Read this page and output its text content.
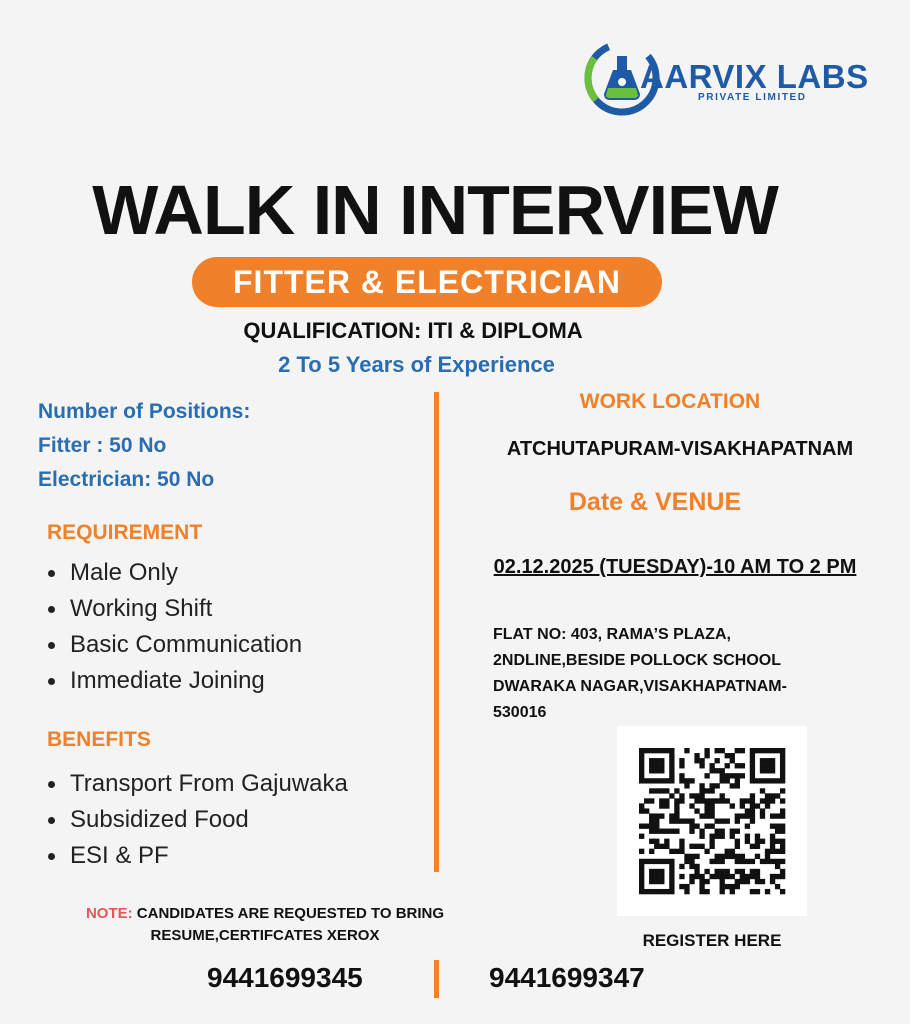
AARVIX LABS
PRIVATE LIMITED
WALK IN INTERVIEW
FITTER & ELECTRICIAN
QUALIFICATION: ITI & DIPLOMA
2 To 5 Years of Experience
Number of Positions:
Fitter : 50 No
Electrician: 50 No
REQUIREMENT
Male Only
Working Shift
Basic Communication
Immediate Joining
BENEFITS
Transport From Gajuwaka
Subsidized Food
ESI & PF
WORK LOCATION
ATCHUTAPURAM-VISAKHAPATNAM
Date & VENUE
02.12.2025 (TUESDAY)-10 AM TO 2 PM
FLAT NO: 403, RAMA’S PLAZA,
2NDLINE,BESIDE POLLOCK SCHOOL
DWARAKA NAGAR,VISAKHAPATNAM-
530016
REGISTER HERE
NOTE: CANDIDATES ARE REQUESTED TO BRING
RESUME,CERTIFCATES XEROX
9441699345	9441699347
